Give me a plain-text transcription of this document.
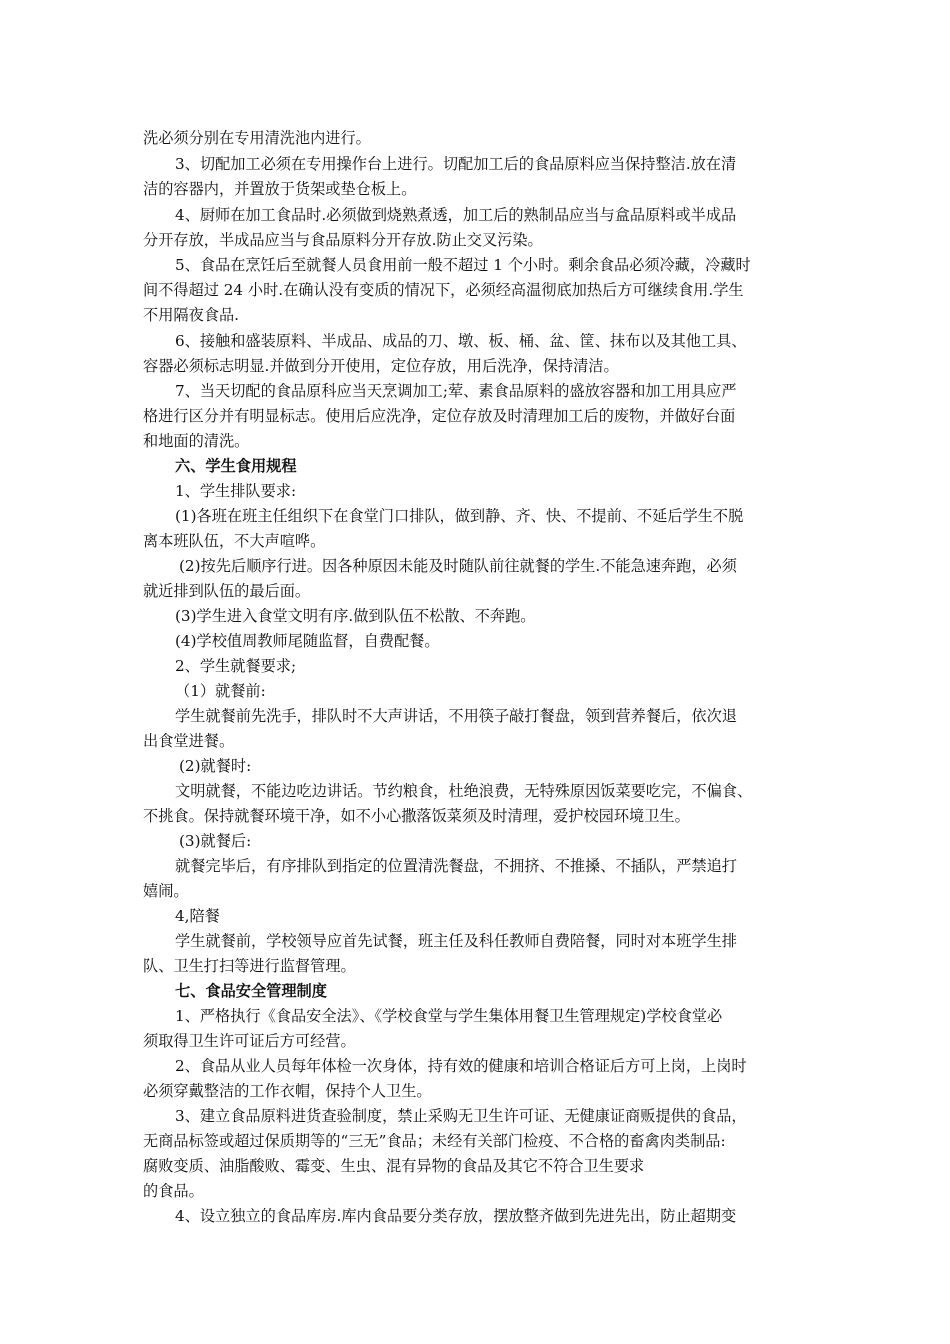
洗必须分别在专用清洗池内进行。
3、切配加工必须在专用操作台上进行。切配加工后的食品原料应当保持整洁.放在清
洁的容器内，并置放于货架或垫仓板上。
4、厨师在加工食品时.必须做到烧熟煮透，加工后的熟制品应当与盒品原料或半成品
分开存放，半成品应当与食品原料分开存放.防止交叉污染。
5、食品在烹饪后至就餐人员食用前一般不超过 1 个小时。剩余食品必须冷藏，冷藏时
间不得超过 24 小时.在确认没有变质的情况下，必须经高温彻底加热后方可继续食用.学生
不用隔夜食品.
6、接触和盛装原料、半成品、成品的刀、墩、板、桶、盆、筐、抹布以及其他工具、
容器必须标志明显.并做到分开使用，定位存放，用后洗净，保持清洁。
7、当天切配的食品原科应当天烹调加工;荤、素食品原料的盛放容器和加工用具应严
格进行区分并有明显标志。使用后应洗净，定位存放及时清理加工后的废物，并做好台面
和地面的清洗。
六、学生食用规程
1、学生排队要求:
(1)各班在班主任组织下在食堂门口排队，做到静、齐、快、不提前、不延后学生不脱
离本班队伍，不大声喧哗。
(2)按先后顺序行进。因各种原因未能及时随队前往就餐的学生.不能急速奔跑，必须
就近排到队伍的最后面。
(3)学生进入食堂文明有序.做到队伍不松散、不奔跑。
(4)学校值周教师尾随监督，自费配餐。
2、学生就餐要求;
（1）就餐前:
学生就餐前先洗手，排队时不大声讲话，不用筷子敲打餐盘，领到营养餐后，依次退
出食堂进餐。
(2)就餐时:
文明就餐，不能边吃边讲话。节约粮食，杜绝浪费，无特殊原因饭菜要吃完，不偏食、
不挑食。保持就餐环境干净，如不小心撒落饭菜须及时清理，爱护校园环境卫生。
(3)就餐后:
就餐完毕后，有序排队到指定的位置清洗餐盘，不拥挤、不推搡、不插队，严禁追打
嬉闹。
4,陪餐
学生就餐前，学校领导应首先试餐，班主任及科任教师自费陪餐，同时对本班学生排
队、卫生打扫等进行监督管理。
七、食品安全管理制度
1、严格执行《食品安全法》、《学校食堂与学生集体用餐卫生管理规定)学校食堂必
须取得卫生许可证后方可经营。
2、食品从业人员每年体检一次身体，持有效的健康和培训合格证后方可上岗，上岗时
必须穿戴整洁的工作衣帽，保持个人卫生。
3、建立食品原料进货查验制度，禁止采购无卫生许可证、无健康证商贩提供的食品，
无商品标签或超过保质期等的“三无”食品；未经有关部门检疫、不合格的畜禽肉类制品:
腐败变质、油脂酸败、霉变、生虫、混有异物的食品及其它不符合卫生要求
的食品。
4、设立独立的食品库房.库内食品要分类存放，摆放整齐做到先进先出，防止超期变
